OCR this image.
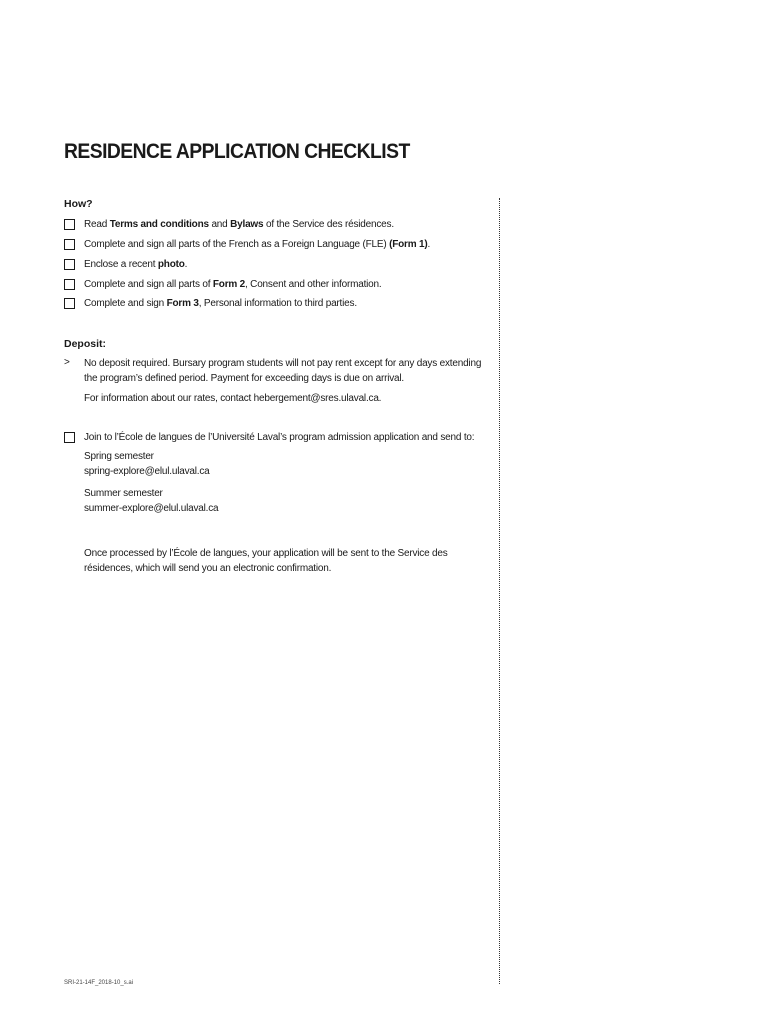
RESIDENCE APPLICATION CHECKLIST
How?
Read Terms and conditions and Bylaws of the Service des résidences.
Complete and sign all parts of the French as a Foreign Language (FLE) (Form 1).
Enclose a recent photo.
Complete and sign all parts of Form 2, Consent and other information.
Complete and sign Form 3, Personal information to third parties.
Deposit:
> No deposit required. Bursary program students will not pay rent except for any days extending
the program’s defined period. Payment for exceeding days is due on arrival.
For information about our rates, contact hebergement@sres.ulaval.ca.
Join to l’École de langues de l’Université Laval’s program admission application and send to:
Spring semester
spring-explore@elul.ulaval.ca
Summer semester
summer-explore@elul.ulaval.ca
Once processed by l’École de langues, your application will be sent to the Service des
résidences, which will send you an electronic confirmation.
SRI-21-14F_2018-10_s.ai
